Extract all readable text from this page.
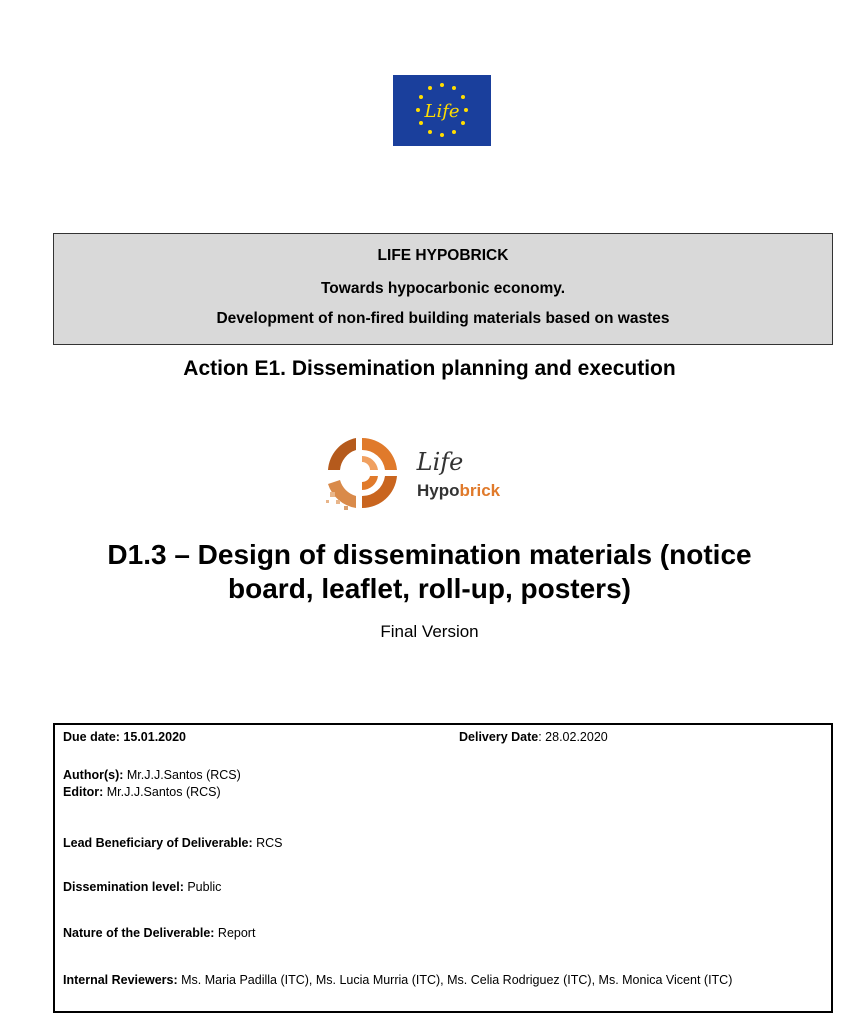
Life
LIFE HYPOBRICK
Towards hypocarbonic economy.
Development of non-fired building materials based on wastes
Action E1. Dissemination planning and execution
Life
Hypobrick
D1.3 – Design of dissemination materials (notice
board, leaflet, roll-up, posters)
Final Version
Due date: 15.01.2020	Delivery Date: 28.02.2020
Author(s): Mr.J.J.Santos (RCS)
Editor: Mr.J.J.Santos (RCS)
Lead Beneficiary of Deliverable: RCS
Dissemination level: Public
Nature of the Deliverable: Report
Internal Reviewers: Ms. Maria Padilla (ITC), Ms. Lucia Murria (ITC), Ms. Celia Rodriguez (ITC), Ms. Monica Vicent (ITC)
